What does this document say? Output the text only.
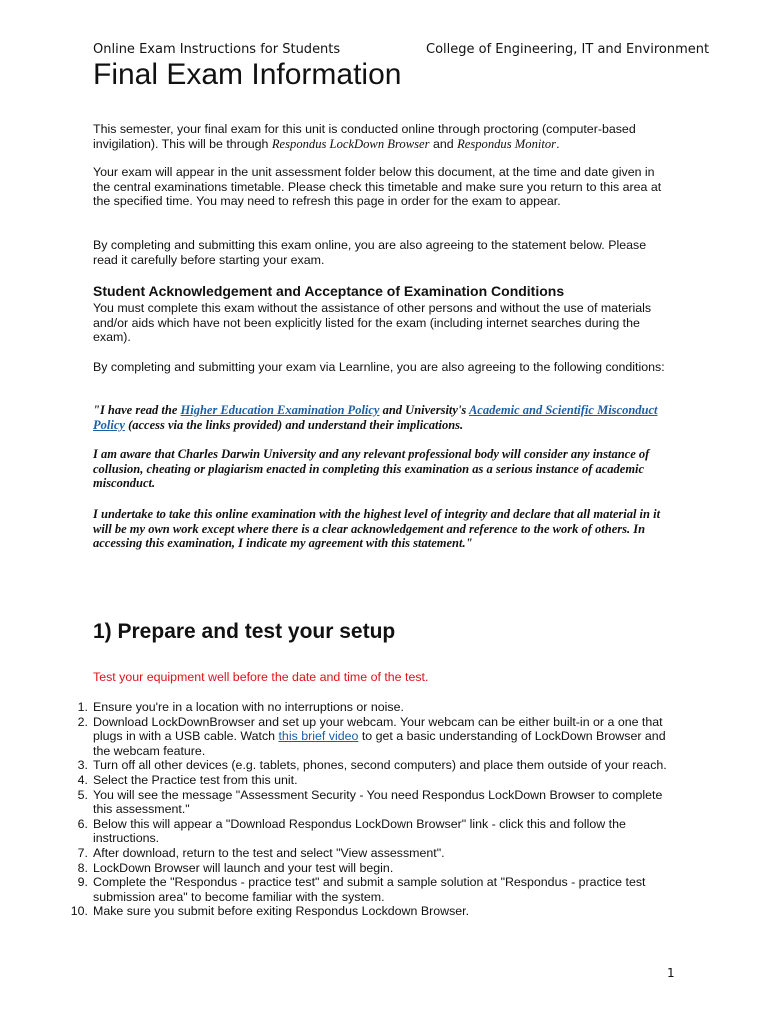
Online Exam Instructions for Students	College of Engineering, IT and Environment
Final Exam Information
This semester, your final exam for this unit is conducted online through proctoring (computer-based invigilation). This will be through Respondus LockDown Browser and Respondus Monitor.
Your exam will appear in the unit assessment folder below this document, at the time and date given in the central examinations timetable. Please check this timetable and make sure you return to this area at the specified time. You may need to refresh this page in order for the exam to appear.
By completing and submitting this exam online, you are also agreeing to the statement below. Please read it carefully before starting your exam.
Student Acknowledgement and Acceptance of Examination Conditions
You must complete this exam without the assistance of other persons and without the use of materials and/or aids which have not been explicitly listed for the exam (including internet searches during the exam).
By completing and submitting your exam via Learnline, you are also agreeing to the following conditions:
"I have read the Higher Education Examination Policy and University's Academic and Scientific Misconduct Policy (access via the links provided) and understand their implications.
I am aware that Charles Darwin University and any relevant professional body will consider any instance of collusion, cheating or plagiarism enacted in completing this examination as a serious instance of academic misconduct.
I undertake to take this online examination with the highest level of integrity and declare that all material in it will be my own work except where there is a clear acknowledgement and reference to the work of others. In accessing this examination, I indicate my agreement with this statement."
1) Prepare and test your setup
Test your equipment well before the date and time of the test.
1. Ensure you're in a location with no interruptions or noise.
2. Download LockDownBrowser and set up your webcam. Your webcam can be either built-in or a one that plugs in with a USB cable. Watch this brief video to get a basic understanding of LockDown Browser and the webcam feature.
3. Turn off all other devices (e.g. tablets, phones, second computers) and place them outside of your reach.
4. Select the Practice test from this unit.
5. You will see the message "Assessment Security - You need Respondus LockDown Browser to complete this assessment."
6. Below this will appear a "Download Respondus LockDown Browser" link - click this and follow the instructions.
7. After download, return to the test and select "View assessment".
8. LockDown Browser will launch and your test will begin.
9. Complete the "Respondus - practice test" and submit a sample solution at "Respondus - practice test submission area" to become familiar with the system.
10. Make sure you submit before exiting Respondus Lockdown Browser.
1
